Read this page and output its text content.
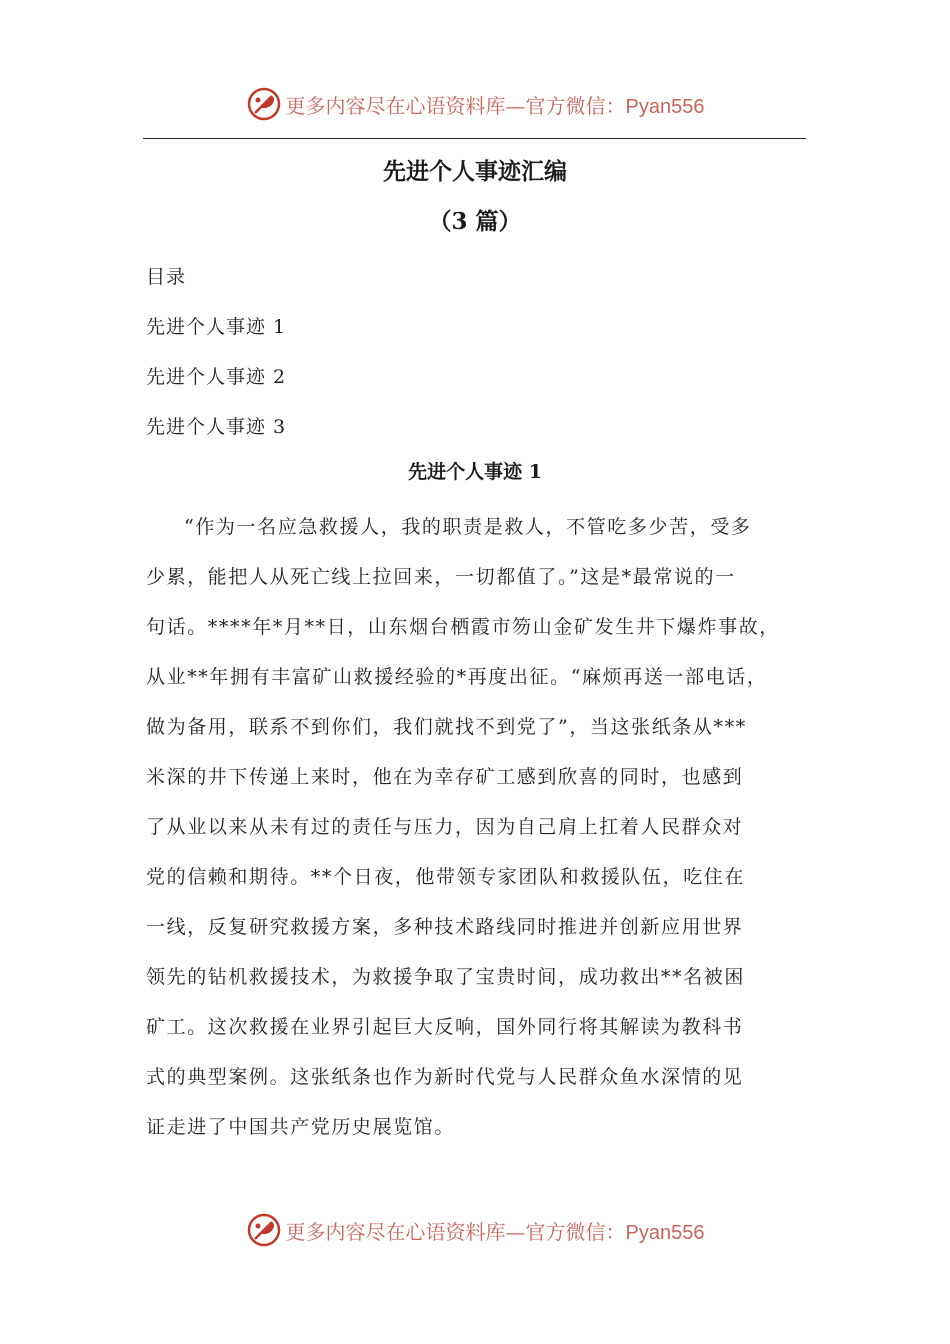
更多内容尽在心语资料库—官方微信：Pyan556
先进个人事迹汇编
（3 篇）
目录
先进个人事迹 1
先进个人事迹 2
先进个人事迹 3
先进个人事迹 1
“作为一名应急救援人，我的职责是救人，不管吃多少苦，受多
少累，能把人从死亡线上拉回来，一切都值了。”这是*最常说的一
句话。****年*月**日，山东烟台栖霞市笏山金矿发生井下爆炸事故，
从业**年拥有丰富矿山救援经验的*再度出征。“麻烦再送一部电话，
做为备用，联系不到你们，我们就找不到党了”，当这张纸条从***
米深的井下传递上来时，他在为幸存矿工感到欣喜的同时，也感到
了从业以来从未有过的责任与压力，因为自己肩上扛着人民群众对
党的信赖和期待。**个日夜，他带领专家团队和救援队伍，吃住在
一线，反复研究救援方案，多种技术路线同时推进并创新应用世界
领先的钻机救援技术，为救援争取了宝贵时间，成功救出**名被困
矿工。这次救援在业界引起巨大反响，国外同行将其解读为教科书
式的典型案例。这张纸条也作为新时代党与人民群众鱼水深情的见
证走进了中国共产党历史展览馆。
更多内容尽在心语资料库—官方微信：Pyan556
